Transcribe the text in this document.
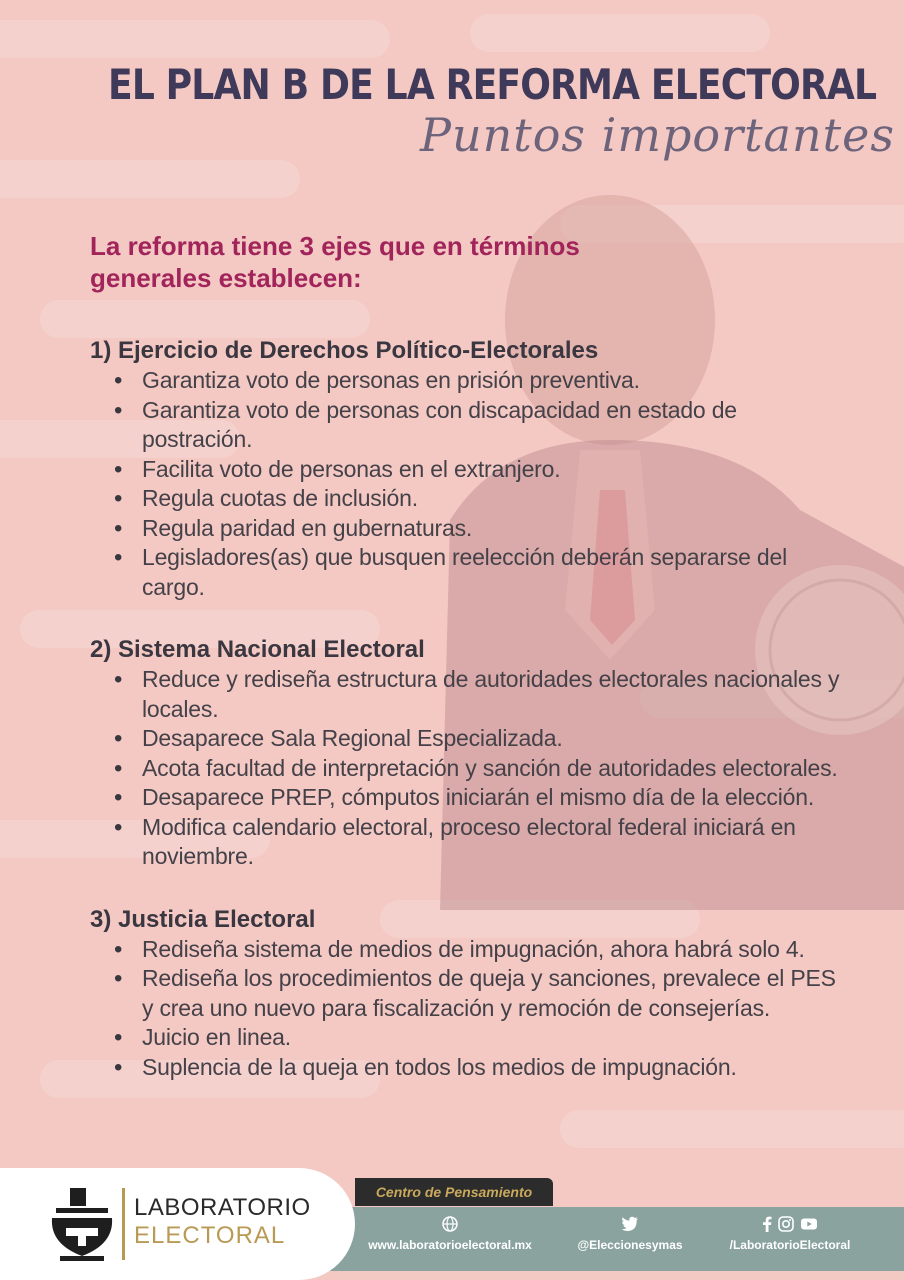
EL PLAN B DE LA REFORMA ELECTORAL
Puntos importantes

La reforma tiene 3 ejes que en términos generales establecen:

1) Ejercicio de Derechos Político-Electorales
• Garantiza voto de personas en prisión preventiva.
• Garantiza voto de personas con discapacidad en estado de postración.
• Facilita voto de personas en el extranjero.
• Regula cuotas de inclusión.
• Regula paridad en gubernaturas.
• Legisladores(as) que busquen reelección deberán separarse del cargo.
2) Sistema Nacional Electoral
• Reduce y rediseña estructura de autoridades electorales nacionales y locales.
• Desaparece Sala Regional Especializada.
• Acota facultad de interpretación y sanción de autoridades electorales.
• Desaparece PREP, cómputos iniciarán el mismo día de la elección.
• Modifica calendario electoral, proceso electoral federal iniciará en noviembre.
3) Justicia Electoral
• Rediseña sistema de medios de impugnación, ahora habrá solo 4.
• Rediseña los procedimientos de queja y sanciones, prevalece el PES y crea uno nuevo para fiscalización y remoción de consejerías.
• Juicio en linea.
• Suplencia de la queja en todos los medios de impugnación.
Centro de Pensamiento
LABORATORIO
ELECTORAL	www.laboratorioelectoral.mx	@Eleccionesymas	/LaboratorioElectoral
